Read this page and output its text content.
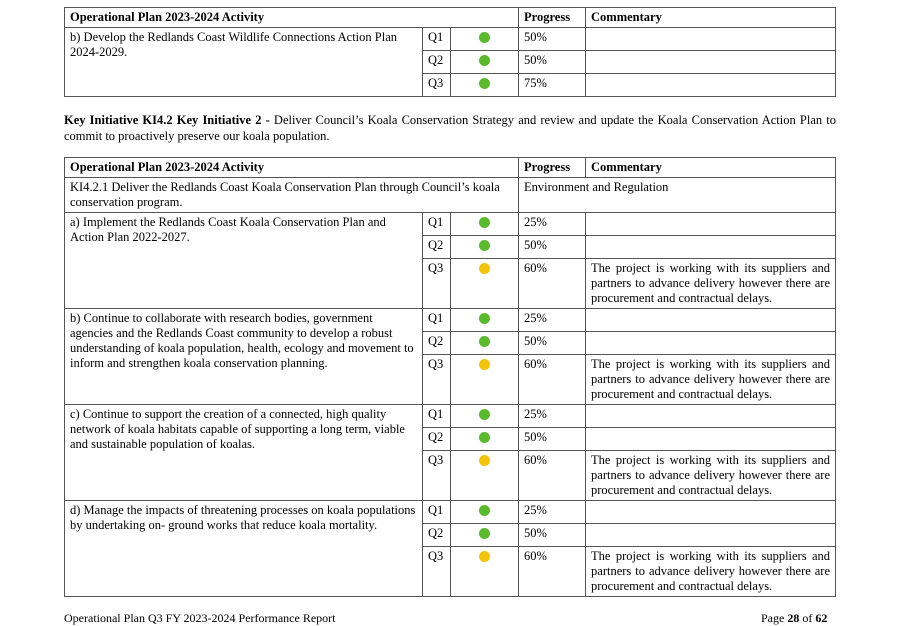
Operational Plan 2023-2024 Activity			Progress	Commentary
b) Develop the Redlands Coast Wildlife Connections Action Plan 2024-2029.	Q1		50%	
	Q2		50%	
	Q3		75%	
Key Initiative KI4.2 Key Initiative 2 - Deliver Council’s Koala Conservation Strategy and review and update the Koala Conservation Action Plan to commit to proactively preserve our koala population.
Operational Plan 2023-2024 Activity			Progress	Commentary
KI4.2.1 Deliver the Redlands Coast Koala Conservation Plan through Council’s koala conservation program.			Environment and Regulation	
a) Implement the Redlands Coast Koala Conservation Plan and Action Plan 2022-2027.	Q1		25%	
	Q2		50%	
	Q3		60%	The project is working with its suppliers and partners to advance delivery however there are procurement and contractual delays.
b) Continue to collaborate with research bodies, government agencies and the Redlands Coast community to develop a robust understanding of koala population, health, ecology and movement to inform and strengthen koala conservation planning.	Q1		25%	
	Q2		50%	
	Q3		60%	The project is working with its suppliers and partners to advance delivery however there are procurement and contractual delays.
c) Continue to support the creation of a connected, high quality network of koala habitats capable of supporting a long term, viable and sustainable population of koalas.	Q1		25%	
	Q2		50%	
	Q3		60%	The project is working with its suppliers and partners to advance delivery however there are procurement and contractual delays.
d) Manage the impacts of threatening processes on koala populations by undertaking on- ground works that reduce koala mortality.	Q1		25%	
	Q2		50%	
	Q3		60%	The project is working with its suppliers and partners to advance delivery however there are procurement and contractual delays.
Operational Plan Q3 FY 2023-2024 Performance Report	Page 28 of 62
